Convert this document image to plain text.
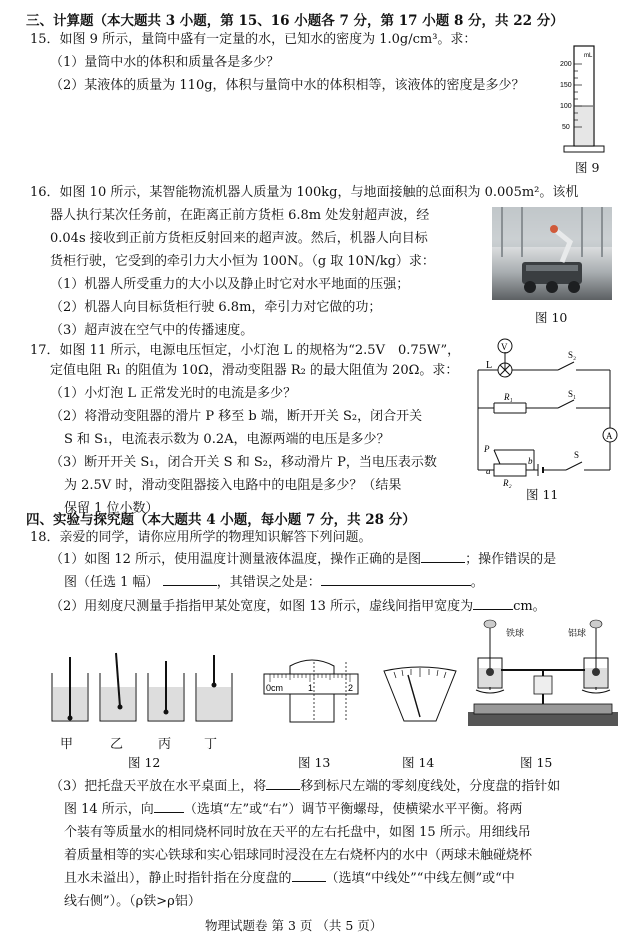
三、计算题（本大题共 3 小题，第 15、16 小题各 7 分，第 17 小题 8 分，共 22 分）
15．如图 9 所示，量筒中盛有一定量的水，已知水的密度为 1.0g/cm³。求：
（1）量筒中水的体积和质量各是多少？
（2）某液体的质量为 110g，体积与量筒中水的体积相等，该液体的密度是多少？
mL
200
150
100
50
图 9
16．如图 10 所示，某智能物流机器人质量为 100kg，与地面接触的总面积为 0.005m²。该机
器人执行某次任务前，在距离正前方货柜 6.8m 处发射超声波，经
0.04s 接收到正前方货柜反射回来的超声波。然后，机器人向目标
货柜行驶，它受到的牵引力大小恒为 100N。（g 取 10N/kg）求：
（1）机器人所受重力的大小以及静止时它对水平地面的压强；
（2）机器人向目标货柜行驶 6.8m，牵引力对它做的功；
（3）超声波在空气中的传播速度。
图 10
17．如图 11 所示，电源电压恒定，小灯泡 L 的规格为“2.5V　0.75W”，
定值电阻 R₁ 的阻值为 10Ω，滑动变阻器 R₂ 的最大阻值为 20Ω。求：
（1）小灯泡 L 正常发光时的电流是多少？
（2）将滑动变阻器的滑片 P 移至 b 端，断开开关 S₂，闭合开关
S 和 S₁，电流表示数为 0.2A，电源两端的电压是多少？
（3）断开开关 S₁，闭合开关 S 和 S₂，移动滑片 P，当电压表示数
为 2.5V 时，滑动变阻器接入电路中的电阻是多少？（结果
保留 1 位小数）
V
A
L
S₂
R₁	S₁
P
a
b
R₂
S
图 11
四、实验与探究题（本大题共 4 小题，每小题 7 分，共 28 分）
18．亲爱的同学，请你应用所学的物理知识解答下列问题。
（1）如图 12 所示，使用温度计测量液体温度，操作正确的是图	；操作错误的是
图（任选 1 幅）	，其错误之处是：	。
（2）用刻度尺测量手指指甲某处宽度，如图 13 所示，虚线间指甲宽度为	cm。
甲	乙	丙	丁
图 12
0cm	1	2
图 13	图 14
铁球	铝球
图 15
（3）把托盘天平放在水平桌面上，将	移到标尺左端的零刻度线处，分度盘的指针如
图 14 所示，向 （选填“左”或“右”）调节平衡螺母，使横梁水平平衡。将两
个装有等质量水的相同烧杯同时放在天平的左右托盘中，如图 15 所示。用细线吊
着质量相等的实心铁球和实心铝球同时浸没在左右烧杯内的水中（两球未触碰烧杯
且水未溢出），静止时指针指在分度盘的	（选填“中线处”“中线左侧”或“中
线右侧”）。（ρ铁>ρ铝）
物理试题卷 第 3 页 （共 5 页）
